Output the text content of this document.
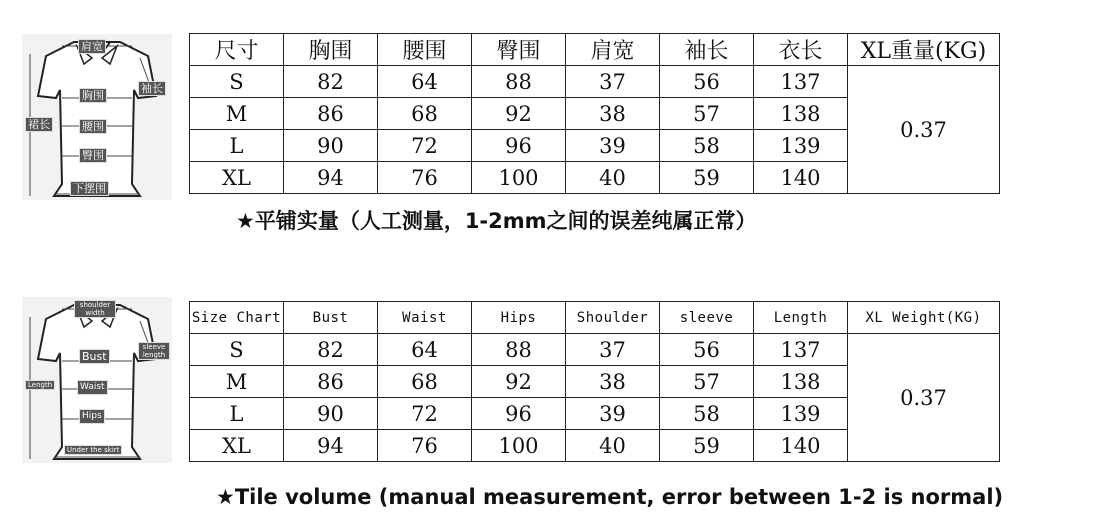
肩宽
袖长
胸围
裙长	腰围
臀围
下摆围
尺寸	胸围	腰围	臀围	肩宽	袖长	衣长	XL重量(KG)
S	82	64	88	37	56	137	0.37
M	86	68	92	38	57	138	
L	90	72	96	39	58	139	
XL	94	76	100	40	59	140	
★平铺实量（人工测量，1-2mm之间的误差纯属正常）
shoulder width
sleeve length
Bust
Length	Waist
Hips
Under the skirt
Size Chart	Bust	Waist	Hips	Shoulder	sleeve	Length	XL Weight(KG)
S	82	64	88	37	56	137	0.37
M	86	68	92	38	57	138	
L	90	72	96	39	58	139	
XL	94	76	100	40	59	140	
★Tile volume (manual measurement, error between 1-2 is normal)
